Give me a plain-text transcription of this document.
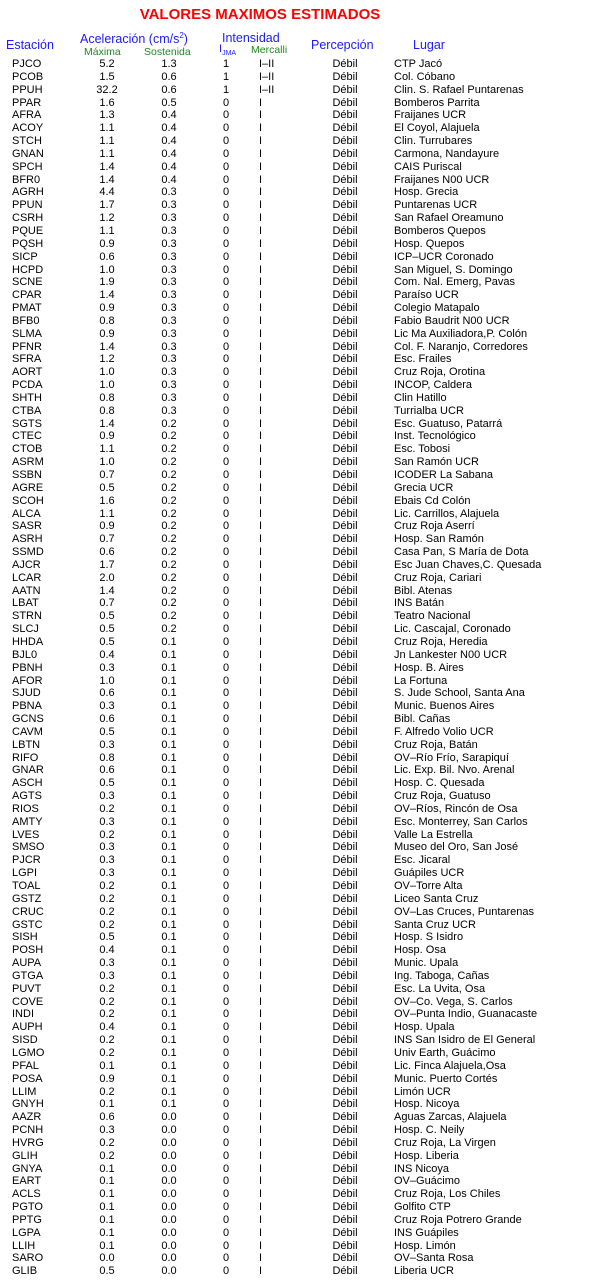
VALORES MAXIMOS ESTIMADOS
Estación Aceleración $(cm/s^2)$
Máxima Sostenida
Intensidad
$I_{JMA}$ Mercalli Percepción	Lugar
PJCO	5.2	1.3	1	I–II	Débil	CTP Jacó
PCOB	1.5	0.6	1	I–II	Débil	Col. Cóbano
PPUH	32.2	0.6	1	I–II	Débil	Clin. S. Rafael Puntarenas
PPAR	1.6	0.5	0	I	Débil	Bomberos Parrita
AFRA	1.3	0.4	0	I	Débil	Fraijanes UCR
ACOY	1.1	0.4	0	I	Débil	El Coyol, Alajuela
STCH	1.1	0.4	0	I	Débil	Clin. Turrubares
GNAN	1.1	0.4	0	I	Débil	Carmona, Nandayure
SPCH	1.4	0.4	0	I	Débil	CAIS Puriscal
BFR0	1.4	0.4	0	I	Débil	Fraijanes N00 UCR
AGRH	4.4	0.3	0	I	Débil	Hosp. Grecia
PPUN	1.7	0.3	0	I	Débil	Puntarenas UCR
CSRH	1.2	0.3	0	I	Débil	San Rafael Oreamuno
PQUE	1.1	0.3	0	I	Débil	Bomberos Quepos
PQSH	0.9	0.3	0	I	Débil	Hosp. Quepos
SICP	0.6	0.3	0	I	Débil	ICP–UCR Coronado
HCPD	1.0	0.3	0	I	Débil	San Miguel, S. Domingo
SCNE	1.9	0.3	0	I	Débil	Com. Nal. Emerg, Pavas
CPAR	1.4	0.3	0	I	Débil	Paraíso UCR
PMAT	0.9	0.3	0	I	Débil	Colegio Matapalo
BFB0	0.8	0.3	0	I	Débil	Fabio Baudrit N00 UCR
SLMA	0.9	0.3	0	I	Débil	Lic Ma Auxiliadora,P. Colón
PFNR	1.4	0.3	0	I	Débil	Col. F. Naranjo, Corredores
SFRA	1.2	0.3	0	I	Débil	Esc. Frailes
AORT	1.0	0.3	0	I	Débil	Cruz Roja, Orotina
PCDA	1.0	0.3	0	I	Débil	INCOP, Caldera
SHTH	0.8	0.3	0	I	Débil	Clin Hatillo
CTBA	0.8	0.3	0	I	Débil	Turrialba UCR
SGTS	1.4	0.2	0	I	Débil	Esc. Guatuso, Patarrá
CTEC	0.9	0.2	0	I	Débil	Inst. Tecnológico
CTOB	1.1	0.2	0	I	Débil	Esc. Tobosi
ASRM	1.0	0.2	0	I	Débil	San Ramón UCR
SSBN	0.7	0.2	0	I	Débil	ICODER La Sabana
AGRE	0.5	0.2	0	I	Débil	Grecia UCR
SCOH	1.6	0.2	0	I	Débil	Ebais Cd Colón
ALCA	1.1	0.2	0	I	Débil	Lic. Carrillos, Alajuela
SASR	0.9	0.2	0	I	Débil	Cruz Roja Aserrí
ASRH	0.7	0.2	0	I	Débil	Hosp. San Ramón
SSMD	0.6	0.2	0	I	Débil	Casa Pan, S María de Dota
AJCR	1.7	0.2	0	I	Débil	Esc Juan Chaves,C. Quesada
LCAR	2.0	0.2	0	I	Débil	Cruz Roja, Cariari
AATN	1.4	0.2	0	I	Débil	Bibl. Atenas
LBAT	0.7	0.2	0	I	Débil	INS Batán
STRN	0.5	0.2	0	I	Débil	Teatro Nacional
SLCJ	0.5	0.2	0	I	Débil	Lic. Cascajal, Coronado
HHDA	0.5	0.1	0	I	Débil	Cruz Roja, Heredia
BJL0	0.4	0.1	0	I	Débil	Jn Lankester N00 UCR
PBNH	0.3	0.1	0	I	Débil	Hosp. B. Aires
AFOR	1.0	0.1	0	I	Débil	La Fortuna
SJUD	0.6	0.1	0	I	Débil	S. Jude School, Santa Ana
PBNA	0.3	0.1	0	I	Débil	Munic. Buenos Aires
GCNS	0.6	0.1	0	I	Débil	Bibl. Cañas
CAVM	0.5	0.1	0	I	Débil	F. Alfredo Volio UCR
LBTN	0.3	0.1	0	I	Débil	Cruz Roja, Batán
RIFO	0.8	0.1	0	I	Débil	OV–Río Frío, Sarapiquí
GNAR	0.6	0.1	0	I	Débil	Lic. Exp. Bil. Nvo. Arenal
ASCH	0.5	0.1	0	I	Débil	Hosp. C. Quesada
AGTS	0.3	0.1	0	I	Débil	Cruz Roja, Guatuso
RIOS	0.2	0.1	0	I	Débil	OV–Ríos, Rincón de Osa
AMTY	0.3	0.1	0	I	Débil	Esc. Monterrey, San Carlos
LVES	0.2	0.1	0	I	Débil	Valle La Estrella
SMSO	0.3	0.1	0	I	Débil	Museo del Oro, San José
PJCR	0.3	0.1	0	I	Débil	Esc. Jicaral
LGPI	0.3	0.1	0	I	Débil	Guápiles UCR
TOAL	0.2	0.1	0	I	Débil	OV–Torre Alta
GSTZ	0.2	0.1	0	I	Débil	Liceo Santa Cruz
CRUC	0.2	0.1	0	I	Débil	OV–Las Cruces, Puntarenas
GSTC	0.2	0.1	0	I	Débil	Santa Cruz UCR
SISH	0.5	0.1	0	I	Débil	Hosp. S Isidro
POSH	0.4	0.1	0	I	Débil	Hosp. Osa
AUPA	0.3	0.1	0	I	Débil	Munic. Upala
GTGA	0.3	0.1	0	I	Débil	Ing. Taboga, Cañas
PUVT	0.2	0.1	0	I	Débil	Esc. La Uvita, Osa
COVE	0.2	0.1	0	I	Débil	OV–Co. Vega, S. Carlos
INDI	0.2	0.1	0	I	Débil	OV–Punta Indio, Guanacaste
AUPH	0.4	0.1	0	I	Débil	Hosp. Upala
SISD	0.2	0.1	0	I	Débil	INS San Isidro de El General
LGMO	0.2	0.1	0	I	Débil	Univ Earth, Guácimo
PFAL	0.1	0.1	0	I	Débil	Lic. Finca Alajuela,Osa
POSA	0.9	0.1	0	I	Débil	Munic. Puerto Cortés
LLIM	0.2	0.1	0	I	Débil	Limón UCR
GNYH	0.1	0.1	0	I	Débil	Hosp. Nicoya
AAZR	0.6	0.0	0	I	Débil	Aguas Zarcas, Alajuela
PCNH	0.3	0.0	0	I	Débil	Hosp. C. Neily
HVRG	0.2	0.0	0	I	Débil	Cruz Roja, La Virgen
GLIH	0.2	0.0	0	I	Débil	Hosp. Liberia
GNYA	0.1	0.0	0	I	Débil	INS Nicoya
EART	0.1	0.0	0	I	Débil	OV–Guácimo
ACLS	0.1	0.0	0	I	Débil	Cruz Roja, Los Chiles
PGTO	0.1	0.0	0	I	Débil	Golfito CTP
PPTG	0.1	0.0	0	I	Débil	Cruz Roja Potrero Grande
LGPA	0.1	0.0	0	I	Débil	INS Guápiles
LLIH	0.1	0.0	0	I	Débil	Hosp. Limón
SARO	0.0	0.0	0	I	Débil	OV–Santa Rosa
GLIB	0.5	0.0	0	I	Débil	Liberia UCR
